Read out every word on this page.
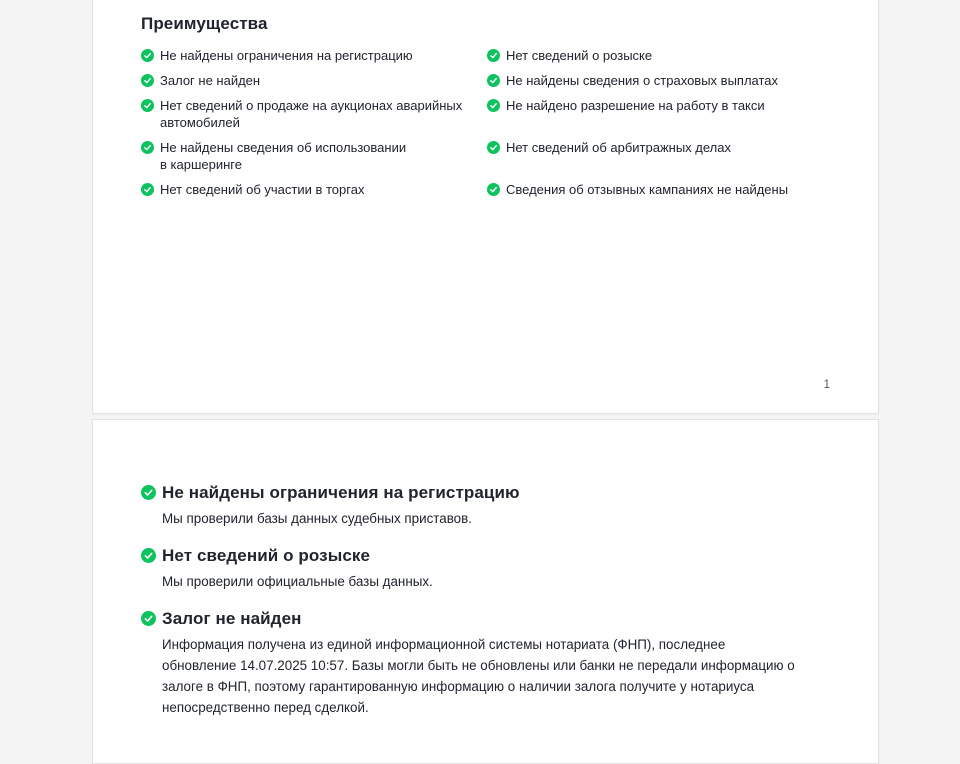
Преимущества
Не найдены ограничения на регистрацию
Залог не найден
Нет сведений о продаже на аукционах аварийных автомобилей
Не найдены сведения об использовании в каршеринге
Нет сведений об участии в торгах
Нет сведений о розыске
Не найдены сведения о страховых выплатах
Не найдено разрешение на работу в такси
Нет сведений об арбитражных делах
Сведения об отзывных кампаниях не найдены
1
Не найдены ограничения на регистрацию

Мы проверили базы данных судебных приставов.

Нет сведений о розыске

Мы проверили официальные базы данных.

Залог не найден

Информация получена из единой информационной системы нотариата (ФНП), последнее обновление 14.07.2025 10:57. Базы могли быть не обновлены или банки не передали информацию о залоге в ФНП, поэтому гарантированную информацию о наличии залога получите у нотариуса непосредственно перед сделкой.
